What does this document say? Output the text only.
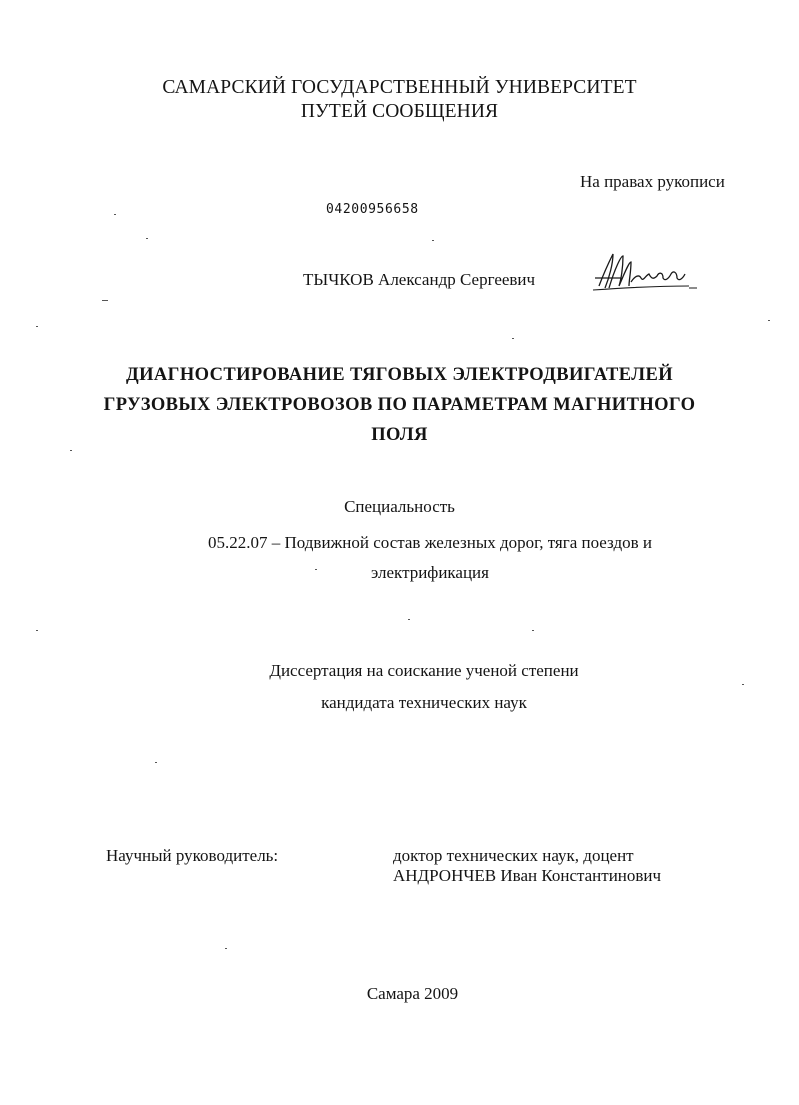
САМАРСКИЙ ГОСУДАРСТВЕННЫЙ УНИВЕРСИТЕТ
ПУТЕЙ СООБЩЕНИЯ
На правах рукописи
04200956658
ТЫЧКОВ Александр Сергеевич
ДИАГНОСТИРОВАНИЕ ТЯГОВЫХ ЭЛЕКТРОДВИГАТЕЛЕЙ
ГРУЗОВЫХ ЭЛЕКТРОВОЗОВ ПО ПАРАМЕТРАМ МАГНИТНОГО
ПОЛЯ
Специальность
05.22.07 – Подвижной состав железных дорог, тяга поездов и
электрификация
Диссертация на соискание ученой степени
кандидата технических наук
Научный руководитель:	доктор технических наук, доцент
АНДРОНЧЕВ Иван Константинович
Самара 2009
